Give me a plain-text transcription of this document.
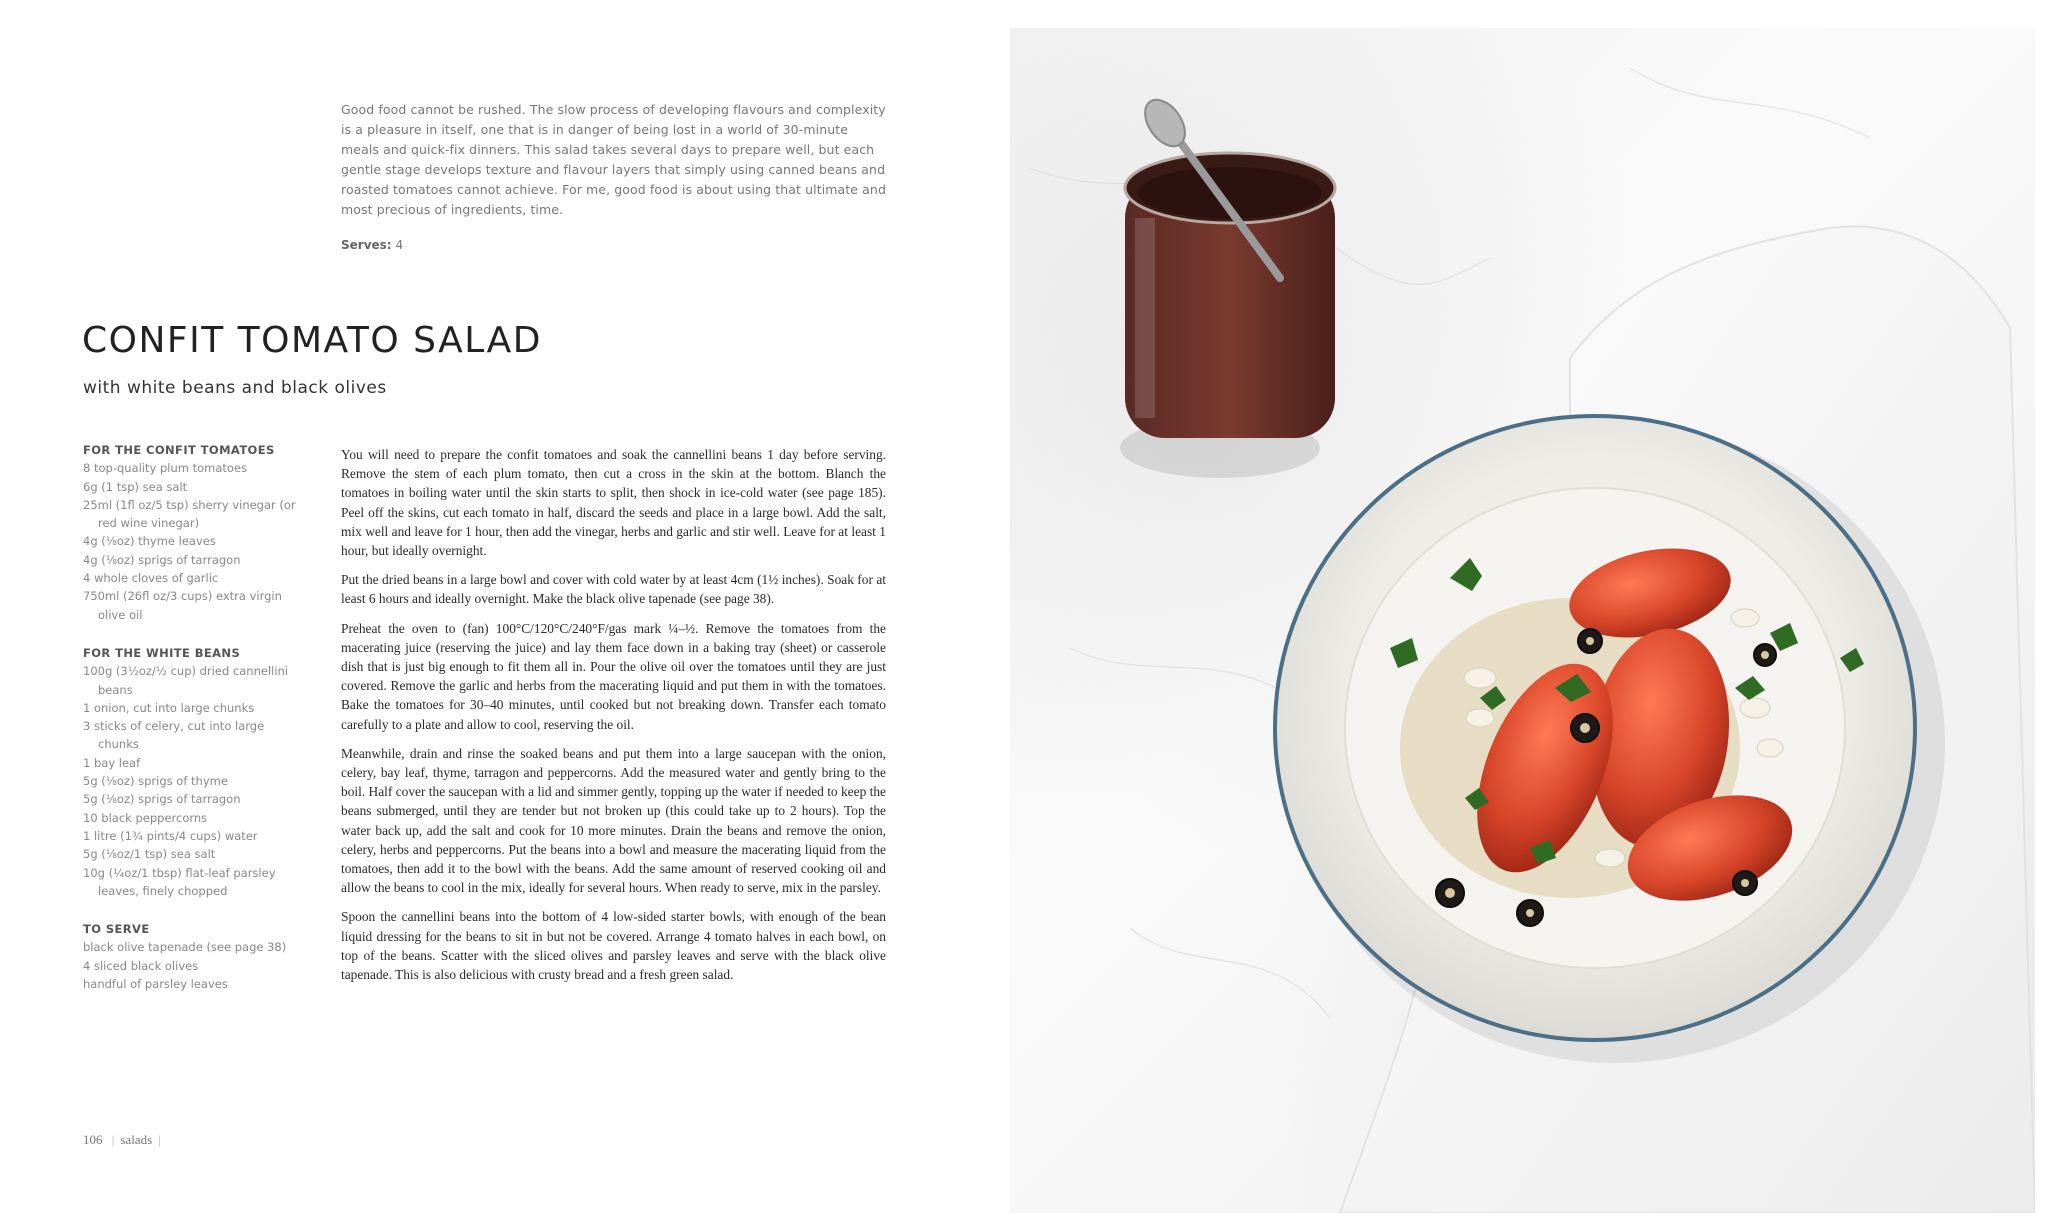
Good food cannot be rushed. The slow process of developing flavours and complexity is a pleasure in itself, one that is in danger of being lost in a world of 30-minute meals and quick-fix dinners. This salad takes several days to prepare well, but each gentle stage develops texture and flavour layers that simply using canned beans and roasted tomatoes cannot achieve. For me, good food is about using that ultimate and most precious of ingredients, time.

Serves: 4
CONFIT TOMATO SALAD
with white beans and black olives
FOR THE CONFIT TOMATOES
8 top-quality plum tomatoes
6g (1 tsp) sea salt
25ml (1fl oz/5 tsp) sherry vinegar (or red wine vinegar)
4g (⅛oz) thyme leaves
4g (⅛oz) sprigs of tarragon
4 whole cloves of garlic
750ml (26fl oz/3 cups) extra virgin olive oil
FOR THE WHITE BEANS
100g (3½oz/½ cup) dried cannellini beans
1 onion, cut into large chunks
3 sticks of celery, cut into large chunks
1 bay leaf
5g (⅛oz) sprigs of thyme
5g (⅛oz) sprigs of tarragon
10 black peppercorns
1 litre (1¾ pints/4 cups) water
5g (⅛oz/1 tsp) sea salt
10g (¼oz/1 tbsp) flat-leaf parsley leaves, finely chopped
TO SERVE
black olive tapenade (see page 38)
4 sliced black olives
handful of parsley leaves

You will need to prepare the confit tomatoes and soak the cannellini beans 1 day before serving. Remove the stem of each plum tomato, then cut a cross in the skin at the bottom. Blanch the tomatoes in boiling water until the skin starts to split, then shock in ice-cold water (see page 185). Peel off the skins, cut each tomato in half, discard the seeds and place in a large bowl. Add the salt, mix well and leave for 1 hour, then add the vinegar, herbs and garlic and stir well. Leave for at least 1 hour, but ideally overnight.

Put the dried beans in a large bowl and cover with cold water by at least 4cm (1½ inches). Soak for at least 6 hours and ideally overnight. Make the black olive tapenade (see page 38).

Preheat the oven to (fan) 100°C/120°C/240°F/gas mark ¼–½. Remove the tomatoes from the macerating juice (reserving the juice) and lay them face down in a baking tray (sheet) or casserole dish that is just big enough to fit them all in. Pour the olive oil over the tomatoes until they are just covered. Remove the garlic and herbs from the macerating liquid and put them in with the tomatoes. Bake the tomatoes for 30–40 minutes, until cooked but not breaking down. Transfer each tomato carefully to a plate and allow to cool, reserving the oil.

Meanwhile, drain and rinse the soaked beans and put them into a large saucepan with the onion, celery, bay leaf, thyme, tarragon and peppercorns. Add the measured water and gently bring to the boil. Half cover the saucepan with a lid and simmer gently, topping up the water if needed to keep the beans submerged, until they are tender but not broken up (this could take up to 2 hours). Top the water back up, add the salt and cook for 10 more minutes. Drain the beans and remove the onion, celery, herbs and peppercorns. Put the beans into a bowl and measure the macerating liquid from the tomatoes, then add it to the bowl with the beans. Add the same amount of reserved cooking oil and allow the beans to cool in the mix, ideally for several hours. When ready to serve, mix in the parsley.

Spoon the cannellini beans into the bottom of 4 low-sided starter bowls, with enough of the bean liquid dressing for the beans to sit in but not be covered. Arrange 4 tomato halves in each bowl, on top of the beans. Scatter with the sliced olives and parsley leaves and serve with the black olive tapenade. This is also delicious with crusty bread and a fresh green salad.

106 | salads |
